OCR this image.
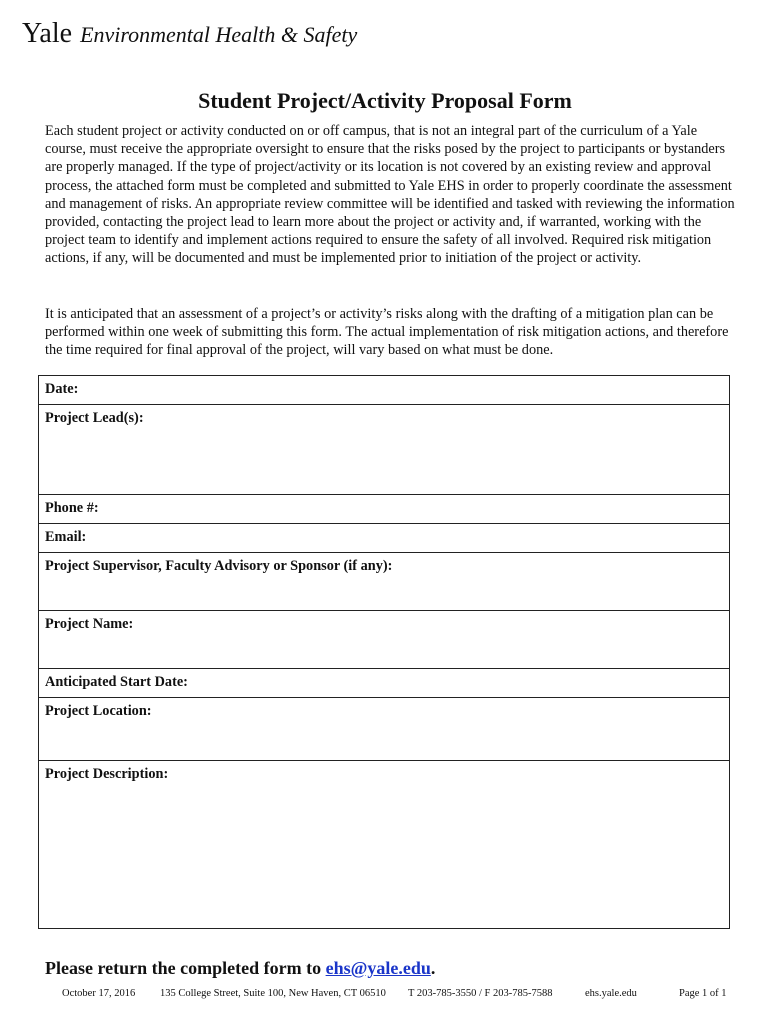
Yale Environmental Health & Safety
Student Project/Activity Proposal Form

Each student project or activity conducted on or off campus, that is not an integral part of the curriculum of a Yale course, must receive the appropriate oversight to ensure that the risks posed by the project to participants or bystanders are properly managed. If the type of project/activity or its location is not covered by an existing review and approval process, the attached form must be completed and submitted to Yale EHS in order to properly coordinate the assessment and management of risks. An appropriate review committee will be identified and tasked with reviewing the information provided, contacting the project lead to learn more about the project or activity and, if warranted, working with the project team to identify and implement actions required to ensure the safety of all involved. Required risk mitigation actions, if any, will be documented and must be implemented prior to initiation of the project or activity.

It is anticipated that an assessment of a project’s or activity’s risks along with the drafting of a mitigation plan can be performed within one week of submitting this form. The actual implementation of risk mitigation actions, and therefore the time required for final approval of the project, will vary based on what must be done.

Date:

Project Lead(s):

Phone #:

Email:

Project Supervisor, Faculty Advisory or Sponsor (if any):

Project Name:

Anticipated Start Date:

Project Location:

Project Description:
Please return the completed form to ehs@yale.edu.
October 17, 2016 135 College Street, Suite 100, New Haven, CT 06510 T 203-785-3550 / F 203-785-7588	ehs.yale.edu	Page 1 of 1
